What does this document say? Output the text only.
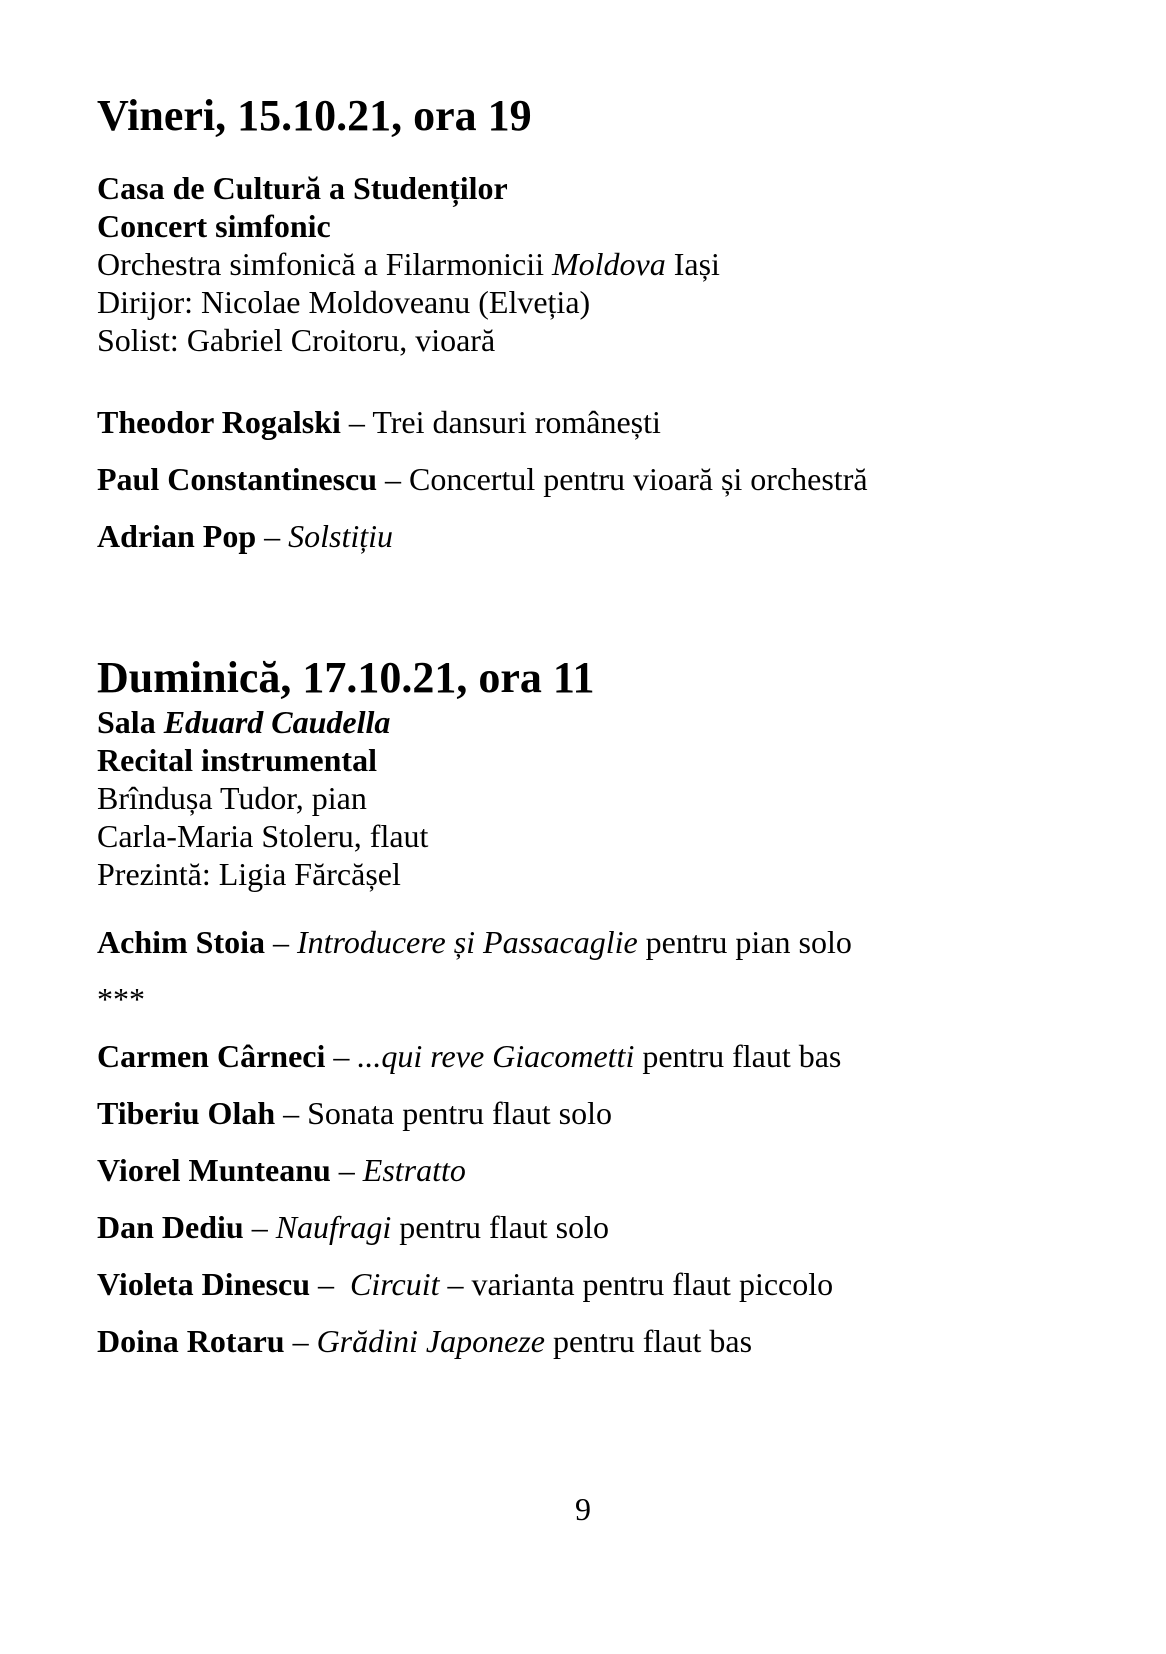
Vineri, 15.10.21, ora 19

Casa de Cultură a Studenților

Concert simfonic

Orchestra simfonică a Filarmonicii Moldova Iași

Dirijor: Nicolae Moldoveanu (Elveția)

Solist: Gabriel Croitoru, vioară

Theodor Rogalski – Trei dansuri românești

Paul Constantinescu – Concertul pentru vioară și orchestră

Adrian Pop – Solstițiu

Duminică, 17.10.21, ora 11

Sala Eduard Caudella

Recital instrumental

Brîndușa Tudor, pian

Carla-Maria Stoleru, flaut

Prezintă: Ligia Fărcășel

Achim Stoia – Introducere și Passacaglie pentru pian solo

***

Carmen Cârneci – ...qui reve Giacometti pentru flaut bas

Tiberiu Olah – Sonata pentru flaut solo

Viorel Munteanu – Estratto

Dan Dediu – Naufragi pentru flaut solo

Violeta Dinescu –  Circuit – varianta pentru flaut piccolo

Doina Rotaru – Grădini Japoneze pentru flaut bas

9
